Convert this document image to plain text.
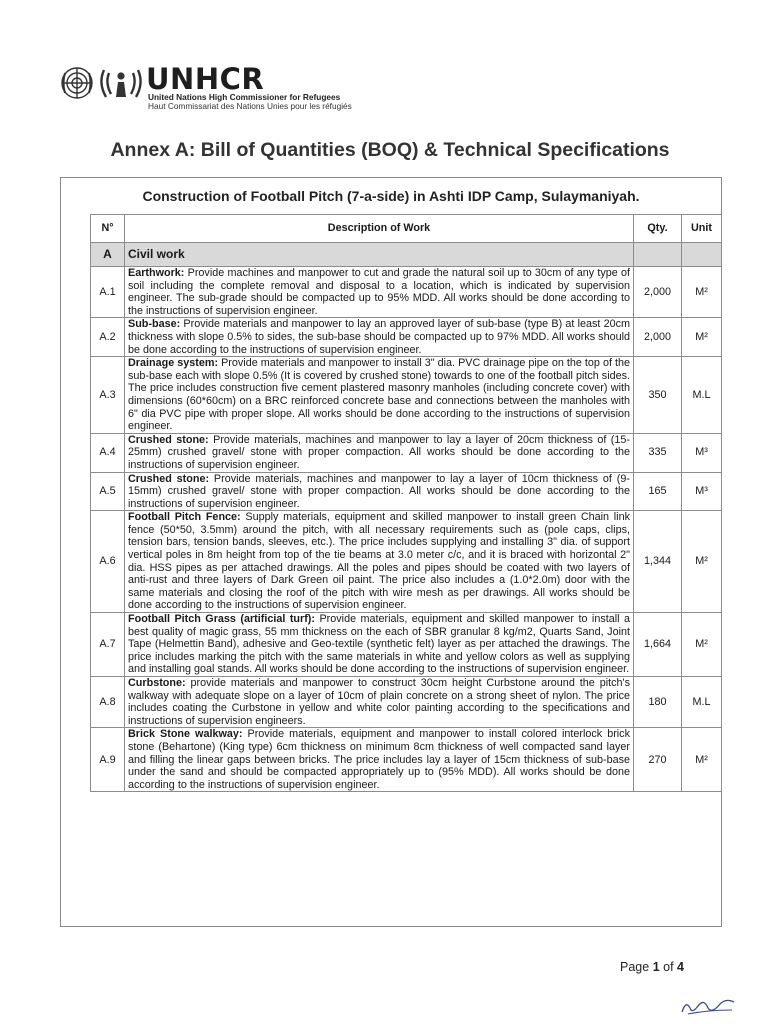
UNHCR
United Nations High Commissioner for Refugees
Haut Commissariat des Nations Unies pour les réfugiés
Annex A: Bill of Quantities (BOQ) & Technical Specifications
Construction of Football Pitch (7-a-side) in Ashti IDP Camp, Sulaymaniyah.
N°	Description of Work	Qty.	Unit
A	Civil work		
A.1	Earthwork: Provide machines and manpower to cut and grade the natural soil up to 30cm of any type of soil including the complete removal and disposal to a location, which is indicated by supervision engineer. The sub-grade should be compacted up to 95% MDD. All works should be done according to the instructions of supervision engineer.	2,000	M²
A.2	Sub-base: Provide materials and manpower to lay an approved layer of sub-base (type B) at least 20cm thickness with slope 0.5% to sides, the sub-base should be compacted up to 97% MDD. All works should be done according to the instructions of supervision engineer.	2,000	M²
A.3	Drainage system: Provide materials and manpower to install 3" dia. PVC drainage pipe on the top of the sub-base each with slope 0.5% (It is covered by crushed stone) towards to one of the football pitch sides. The price includes construction five cement plastered masonry manholes (including concrete cover) with dimensions (60*60cm) on a BRC reinforced concrete base and connections between the manholes with 6" dia PVC pipe with proper slope. All works should be done according to the instructions of supervision engineer.	350	M.L
A.4	Crushed stone: Provide materials, machines and manpower to lay a layer of 20cm thickness of (15-25mm) crushed gravel/ stone with proper compaction. All works should be done according to the instructions of supervision engineer.	335	M³
A.5	Crushed stone: Provide materials, machines and manpower to lay a layer of 10cm thickness of (9-15mm) crushed gravel/ stone with proper compaction. All works should be done according to the instructions of supervision engineer.	165	M³
A.6	Football Pitch Fence: Supply materials, equipment and skilled manpower to install green Chain link fence (50*50, 3.5mm) around the pitch, with all necessary requirements such as (pole caps, clips, tension bars, tension bands, sleeves, etc.). The price includes supplying and installing 3" dia. of support vertical poles in 8m height from top of the tie beams at 3.0 meter c/c, and it is braced with horizontal 2" dia. HSS pipes as per attached drawings. All the poles and pipes should be coated with two layers of anti-rust and three layers of Dark Green oil paint. The price also includes a (1.0*2.0m) door with the same materials and closing the roof of the pitch with wire mesh as per drawings. All works should be done according to the instructions of supervision engineer.	1,344	M²
A.7	Football Pitch Grass (artificial turf): Provide materials, equipment and skilled manpower to install a best quality of magic grass, 55 mm thickness on the each of SBR granular 8 kg/m2, Quarts Sand, Joint Tape (Helmettin Band), adhesive and Geo-textile (synthetic felt) layer as per attached the drawings. The price includes marking the pitch with the same materials in white and yellow colors as well as supplying and installing goal stands. All works should be done according to the instructions of supervision engineer.	1,664	M²
A.8	Curbstone: provide materials and manpower to construct 30cm height Curbstone around the pitch's walkway with adequate slope on a layer of 10cm of plain concrete on a strong sheet of nylon. The price includes coating the Curbstone in yellow and white color painting according to the specifications and instructions of supervision engineers.	180	M.L
A.9	Brick Stone walkway: Provide materials, equipment and manpower to install colored interlock brick stone (Behartone) (King type) 6cm thickness on minimum 8cm thickness of well compacted sand layer and filling the linear gaps between bricks. The price includes lay a layer of 15cm thickness of sub-base under the sand and should be compacted appropriately up to (95% MDD). All works should be done according to the instructions of supervision engineer.	270	M²
Page 1 of 4
